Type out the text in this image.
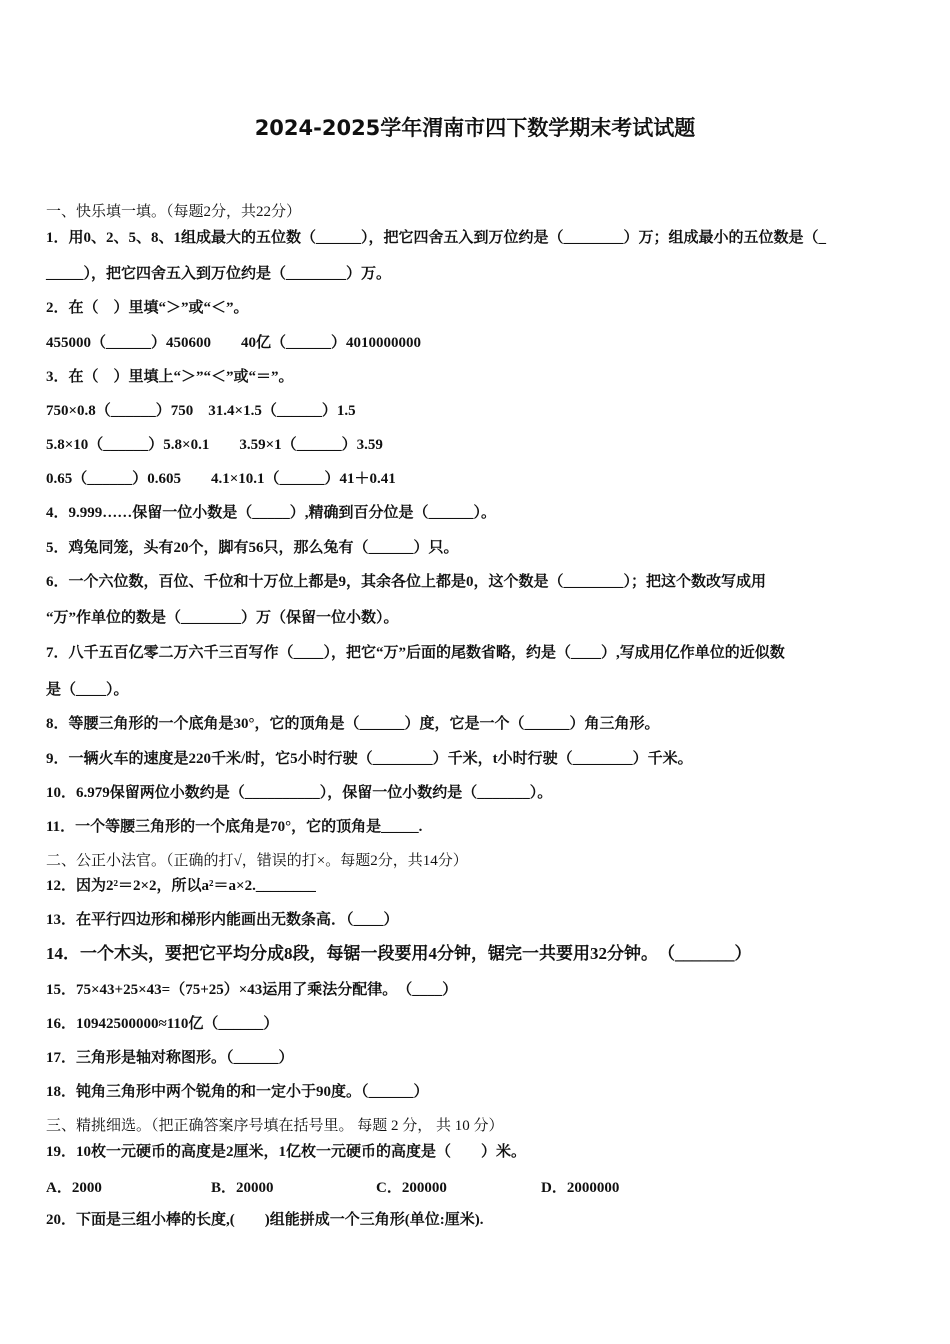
2024-2025学年渭南市四下数学期末考试试题
一、快乐填一填。（每题2分，共22分）
1．用0、2、5、8、1组成最大的五位数（______），把它四舍五入到万位约是（________）万；组成最小的五位数是（_
_____），把它四舍五入到万位约是（________）万。
2．在（　）里填“＞”或“＜”。
455000（______）450600　　40亿（______）4010000000
3．在（　）里填上“＞”“＜”或“＝”。
750×0.8（______）750　31.4×1.5（______）1.5
5.8×10（______）5.8×0.1　　3.59×1（______）3.59
0.65（______）0.605　　4.1×10.1（______）41＋0.41
4．9.999……保留一位小数是（_____）,精确到百分位是（______）。
5．鸡兔同笼，头有20个，脚有56只，那么兔有（______）只。
6．一个六位数，百位、千位和十万位上都是9，其余各位上都是0，这个数是（________）；把这个数改写成用
“万”作单位的数是（________）万（保留一位小数）。
7．八千五百亿零二万六千三百写作（____），把它“万”后面的尾数省略，约是（____）,写成用亿作单位的近似数
是（____）。
8．等腰三角形的一个底角是30°，它的顶角是（______）度，它是一个（______）角三角形。
9．一辆火车的速度是220千米/时，它5小时行驶（________）千米，t小时行驶（________）千米。
10．6.979保留两位小数约是（__________），保留一位小数约是（_______）。
11．一个等腰三角形的一个底角是70°，它的顶角是_____.
二、公正小法官。（正确的打√，错误的打×。每题2分，共14分）
12．因为2²＝2×2，所以a²＝a×2.________
13．在平行四边形和梯形内能画出无数条高．（____）
14．一个木头，要把它平均分成8段，每锯一段要用4分钟，锯完一共要用32分钟。　（_______）
15．75×43+25×43=（75+25）×43运用了乘法分配律。　（____）
16．10942500000≈110亿（______）
17．三角形是轴对称图形。（______）
18．钝角三角形中两个锐角的和一定小于90度。（______）
三、精挑细选。（把正确答案序号填在括号里。 每题 2 分， 共 10 分）
19．10枚一元硬币的高度是2厘米，1亿枚一元硬币的高度是（　　）米。
A．2000	B．20000	C．200000	D．2000000
20．下面是三组小棒的长度,(　　)组能拼成一个三角形(单位:厘米).
